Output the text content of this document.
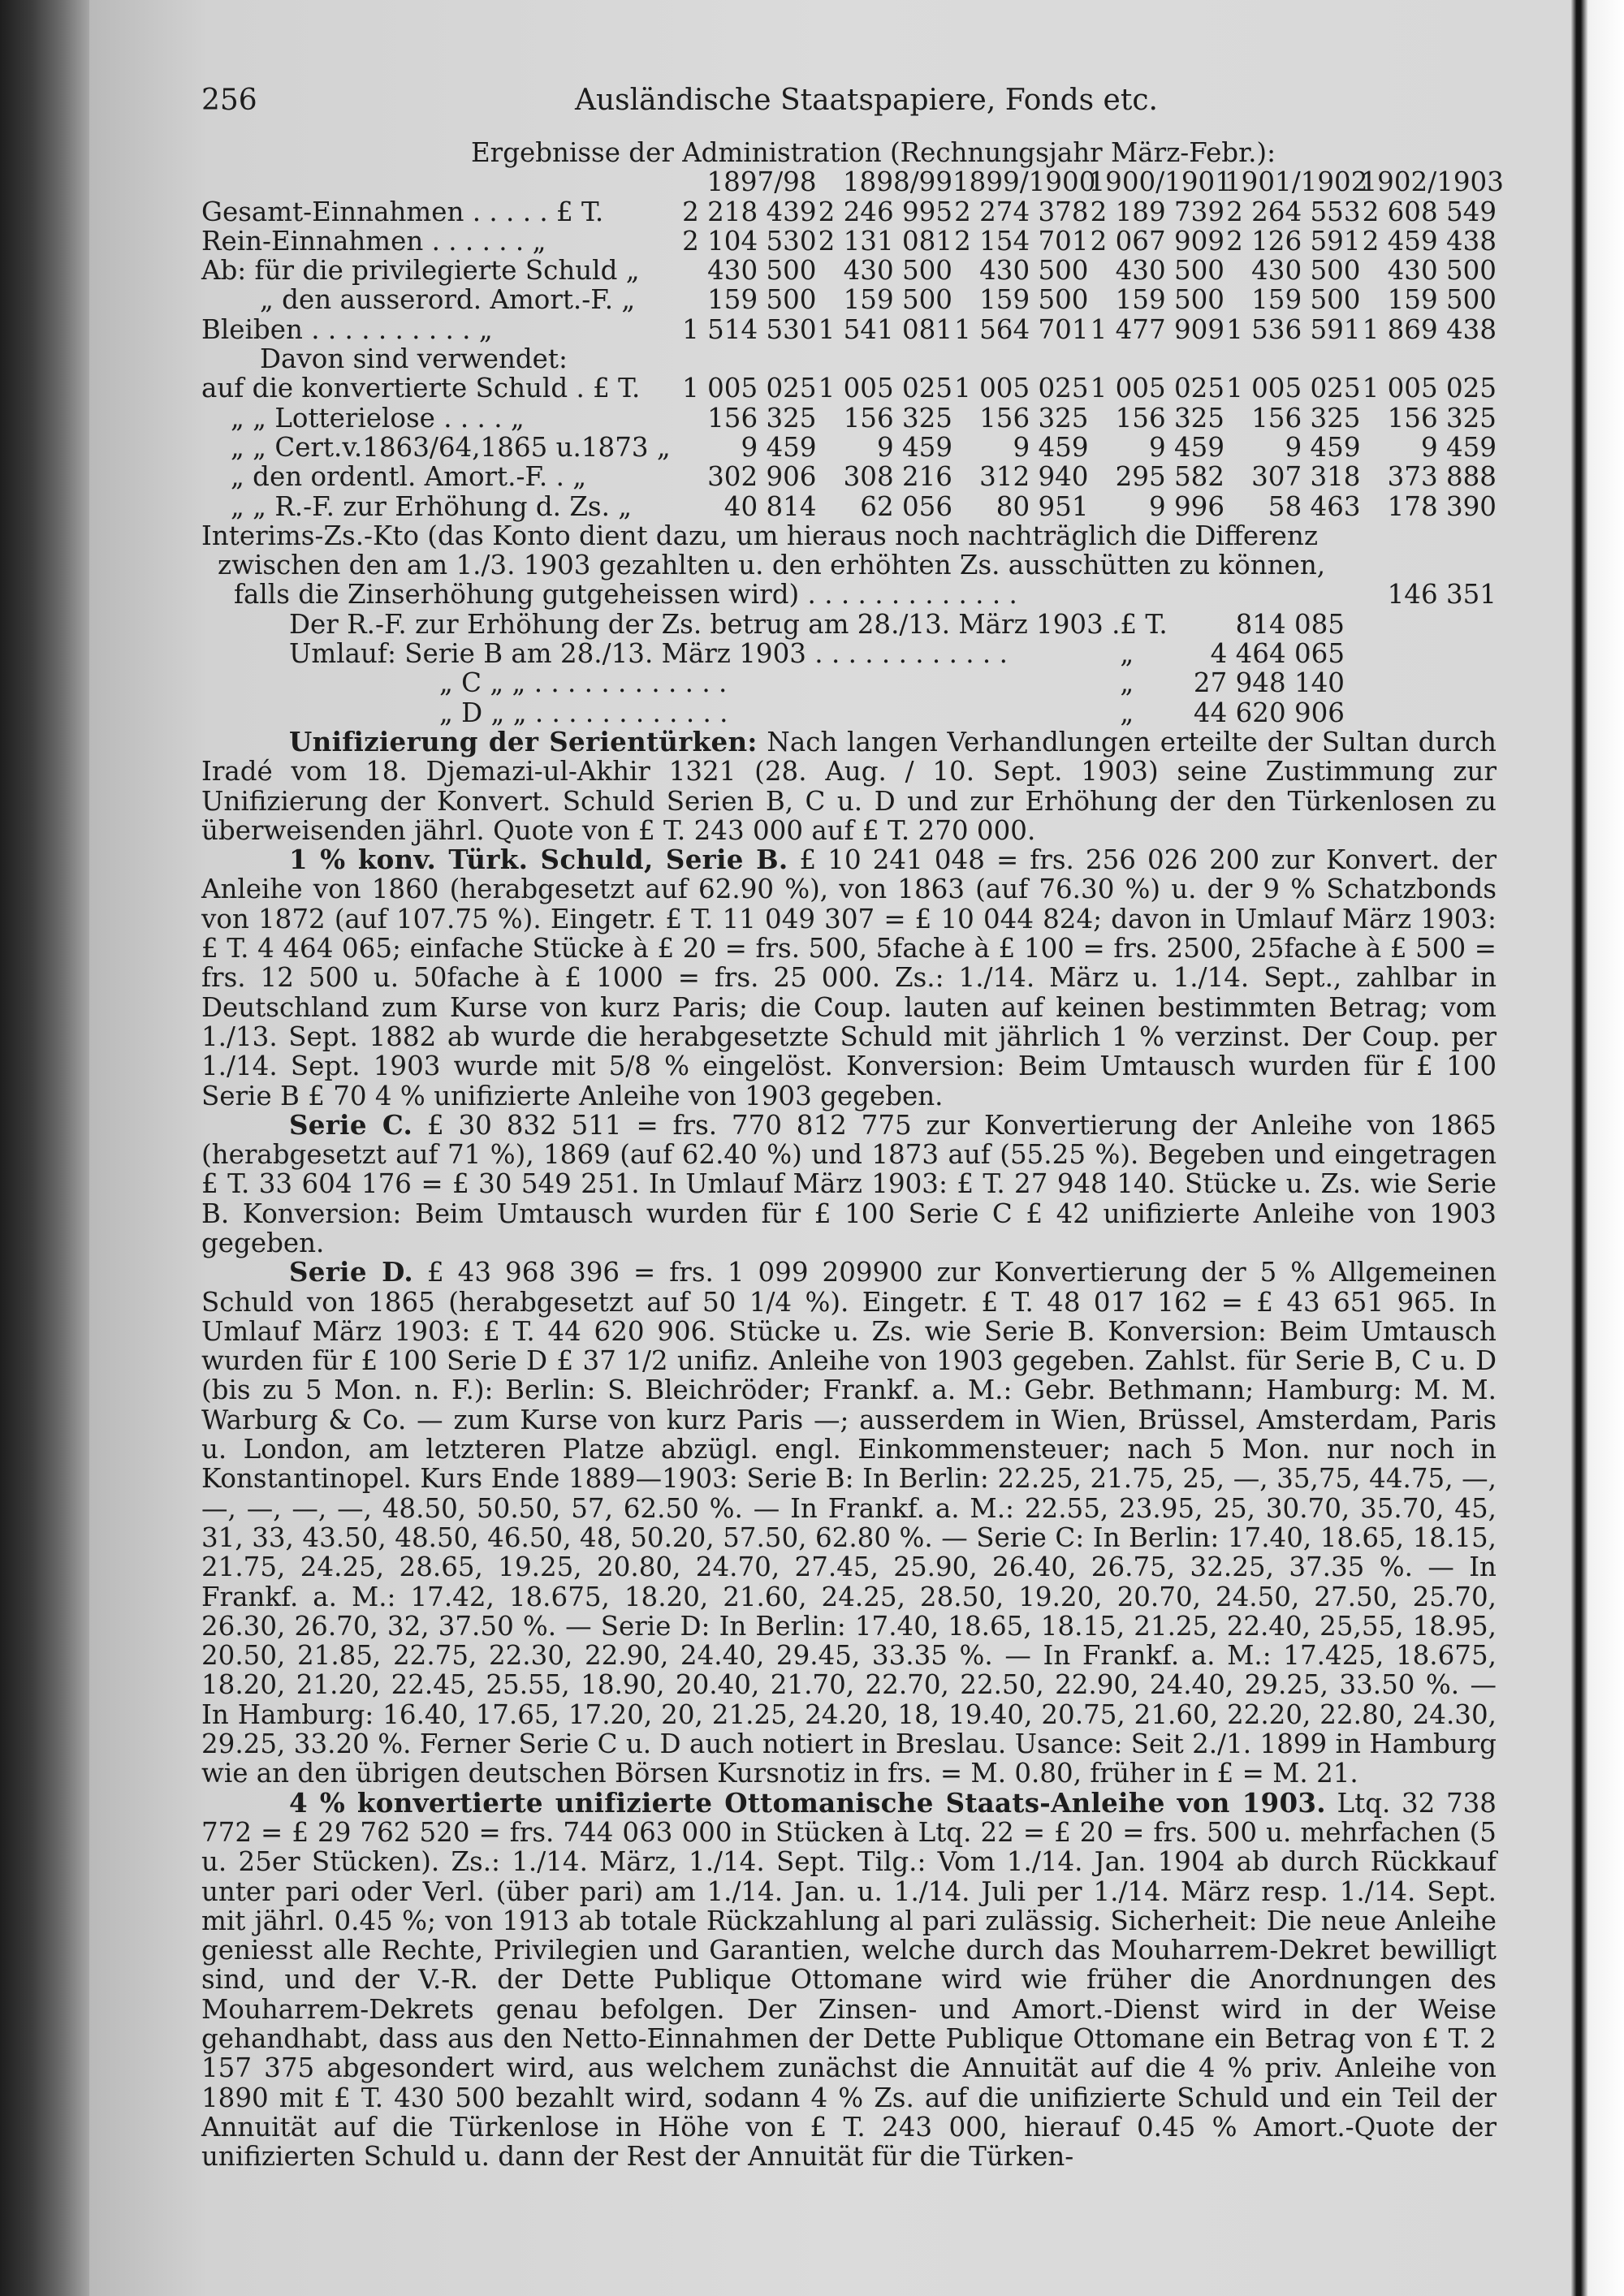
256	Ausländische Staatspapiere, Fonds etc.
Ergebnisse der Administration (Rechnungsjahr März-Febr.):
	1897/98	1898/99	1899/1900	1900/1901	1901/1902	1902/1903
Gesamt-Einnahmen . . . . . £ T.	2 218 439	2 246 995	2 274 378	2 189 739	2 264 553	2 608 549
Rein-Einnahmen . . . . . . „	2 104 530	2 131 081	2 154 701	2 067 909	2 126 591	2 459 438
Ab: für die privilegierte Schuld „	430 500	430 500	430 500	430 500	430 500	430 500
„ den ausserord. Amort.-F. „	159 500	159 500	159 500	159 500	159 500	159 500
Bleiben . . . . . . . . . . „	1 514 530	1 541 081	1 564 701	1 477 909	1 536 591	1 869 438
Davon sind verwendet:						
auf die konvertierte Schuld . £ T.	1 005 025	1 005 025	1 005 025	1 005 025	1 005 025	1 005 025
„ „ Lotterielose . . . . „	156 325	156 325	156 325	156 325	156 325	156 325
„ „ Cert.v.1863/64,1865 u.1873 „	9 459	9 459	9 459	9 459	9 459	9 459
„ den ordentl. Amort.-F. . „	302 906	308 216	312 940	295 582	307 318	373 888
„ „ R.-F. zur Erhöhung d. Zs. „	40 814	62 056	80 951	9 996	58 463	178 390
Interims-Zs.-Kto (das Konto dient dazu, um hieraus noch nachträglich die Differenz
zwischen den am 1./3. 1903 gezahlten u. den erhöhten Zs. ausschütten zu können,
falls die Zinserhöhung gutgeheissen wird) . . . . . . . . . . . . .	146 351
Der R.-F. zur Erhöhung der Zs. betrug am 28./13. März 1903 .	£ T.	814 085
Umlauf: Serie B am 28./13. März 1903 . . . . . . . . . . . .	„	4 464 065
„ C „ „ . . . . . . . . . . . .	„	27 948 140
„ D „ „ . . . . . . . . . . . .	„	44 620 906

Unifizierung der Serientürken: Nach langen Verhandlungen erteilte der Sultan durch Iradé vom 18. Djemazi-ul-Akhir 1321 (28. Aug. / 10. Sept. 1903) seine Zustimmung zur Unifizierung der Konvert. Schuld Serien B, C u. D und zur Erhöhung der den Türkenlosen zu überweisenden jährl. Quote von £ T. 243 000 auf £ T. 270 000.

1 % konv. Türk. Schuld, Serie B. £ 10 241 048 = frs. 256 026 200 zur Konvert. der Anleihe von 1860 (herabgesetzt auf 62.90 %), von 1863 (auf 76.30 %) u. der 9 % Schatzbonds von 1872 (auf 107.75 %). Eingetr. £ T. 11 049 307 = £ 10 044 824; davon in Umlauf März 1903: £ T. 4 464 065; einfache Stücke à £ 20 = frs. 500, 5fache à £ 100 = frs. 2500, 25fache à £ 500 = frs. 12 500 u. 50fache à £ 1000 = frs. 25 000. Zs.: 1./14. März u. 1./14. Sept., zahlbar in Deutschland zum Kurse von kurz Paris; die Coup. lauten auf keinen bestimmten Betrag; vom 1./13. Sept. 1882 ab wurde die herabgesetzte Schuld mit jährlich 1 % verzinst. Der Coup. per 1./14. Sept. 1903 wurde mit 5/8 % eingelöst. Konversion: Beim Umtausch wurden für £ 100 Serie B £ 70 4 % unifizierte Anleihe von 1903 gegeben.

Serie C. £ 30 832 511 = frs. 770 812 775 zur Konvertierung der Anleihe von 1865 (herabgesetzt auf 71 %), 1869 (auf 62.40 %) und 1873 auf (55.25 %). Begeben und eingetragen £ T. 33 604 176 = £ 30 549 251. In Umlauf März 1903: £ T. 27 948 140. Stücke u. Zs. wie Serie B. Konversion: Beim Umtausch wurden für £ 100 Serie C £ 42 unifizierte Anleihe von 1903 gegeben.

Serie D. £ 43 968 396 = frs. 1 099 209900 zur Konvertierung der 5 % Allgemeinen Schuld von 1865 (herabgesetzt auf 50 1/4 %). Eingetr. £ T. 48 017 162 = £ 43 651 965. In Umlauf März 1903: £ T. 44 620 906. Stücke u. Zs. wie Serie B. Konversion: Beim Umtausch wurden für £ 100 Serie D £ 37 1/2 unifiz. Anleihe von 1903 gegeben. Zahlst. für Serie B, C u. D (bis zu 5 Mon. n. F.): Berlin: S. Bleichröder; Frankf. a. M.: Gebr. Bethmann; Hamburg: M. M. Warburg & Co. — zum Kurse von kurz Paris —; ausserdem in Wien, Brüssel, Amsterdam, Paris u. London, am letzteren Platze abzügl. engl. Einkommensteuer; nach 5 Mon. nur noch in Konstantinopel. Kurs Ende 1889—1903: Serie B: In Berlin: 22.25, 21.75, 25, —, 35,75, 44.75, —, —, —, —, —, 48.50, 50.50, 57, 62.50 %. — In Frankf. a. M.: 22.55, 23.95, 25, 30.70, 35.70, 45, 31, 33, 43.50, 48.50, 46.50, 48, 50.20, 57.50, 62.80 %. — Serie C: In Berlin: 17.40, 18.65, 18.15, 21.75, 24.25, 28.65, 19.25, 20.80, 24.70, 27.45, 25.90, 26.40, 26.75, 32.25, 37.35 %. — In Frankf. a. M.: 17.42, 18.675, 18.20, 21.60, 24.25, 28.50, 19.20, 20.70, 24.50, 27.50, 25.70, 26.30, 26.70, 32, 37.50 %. — Serie D: In Berlin: 17.40, 18.65, 18.15, 21.25, 22.40, 25,55, 18.95, 20.50, 21.85, 22.75, 22.30, 22.90, 24.40, 29.45, 33.35 %. — In Frankf. a. M.: 17.425, 18.675, 18.20, 21.20, 22.45, 25.55, 18.90, 20.40, 21.70, 22.70, 22.50, 22.90, 24.40, 29.25, 33.50 %. — In Hamburg: 16.40, 17.65, 17.20, 20, 21.25, 24.20, 18, 19.40, 20.75, 21.60, 22.20, 22.80, 24.30, 29.25, 33.20 %. Ferner Serie C u. D auch notiert in Breslau. Usance: Seit 2./1. 1899 in Hamburg wie an den übrigen deutschen Börsen Kursnotiz in frs. = M. 0.80, früher in £ = M. 21.

4 % konvertierte unifizierte Ottomanische Staats-Anleihe von 1903. Ltq. 32 738 772 = £ 29 762 520 = frs. 744 063 000 in Stücken à Ltq. 22 = £ 20 = frs. 500 u. mehrfachen (5 u. 25er Stücken). Zs.: 1./14. März, 1./14. Sept. Tilg.: Vom 1./14. Jan. 1904 ab durch Rückkauf unter pari oder Verl. (über pari) am 1./14. Jan. u. 1./14. Juli per 1./14. März resp. 1./14. Sept. mit jährl. 0.45 %; von 1913 ab totale Rückzahlung al pari zulässig. Sicherheit: Die neue Anleihe geniesst alle Rechte, Privilegien und Garantien, welche durch das Mouharrem-Dekret bewilligt sind, und der V.-R. der Dette Publique Ottomane wird wie früher die Anordnungen des Mouharrem-Dekrets genau befolgen. Der Zinsen- und Amort.-Dienst wird in der Weise gehandhabt, dass aus den Netto-Einnahmen der Dette Publique Ottomane ein Betrag von £ T. 2 157 375 abgesondert wird, aus welchem zunächst die Annuität auf die 4 % priv. Anleihe von 1890 mit £ T. 430 500 bezahlt wird, sodann 4 % Zs. auf die unifizierte Schuld und ein Teil der Annuität auf die Türkenlose in Höhe von £ T. 243 000, hierauf 0.45 % Amort.-Quote der unifizierten Schuld u. dann der Rest der Annuität für die Türken-
